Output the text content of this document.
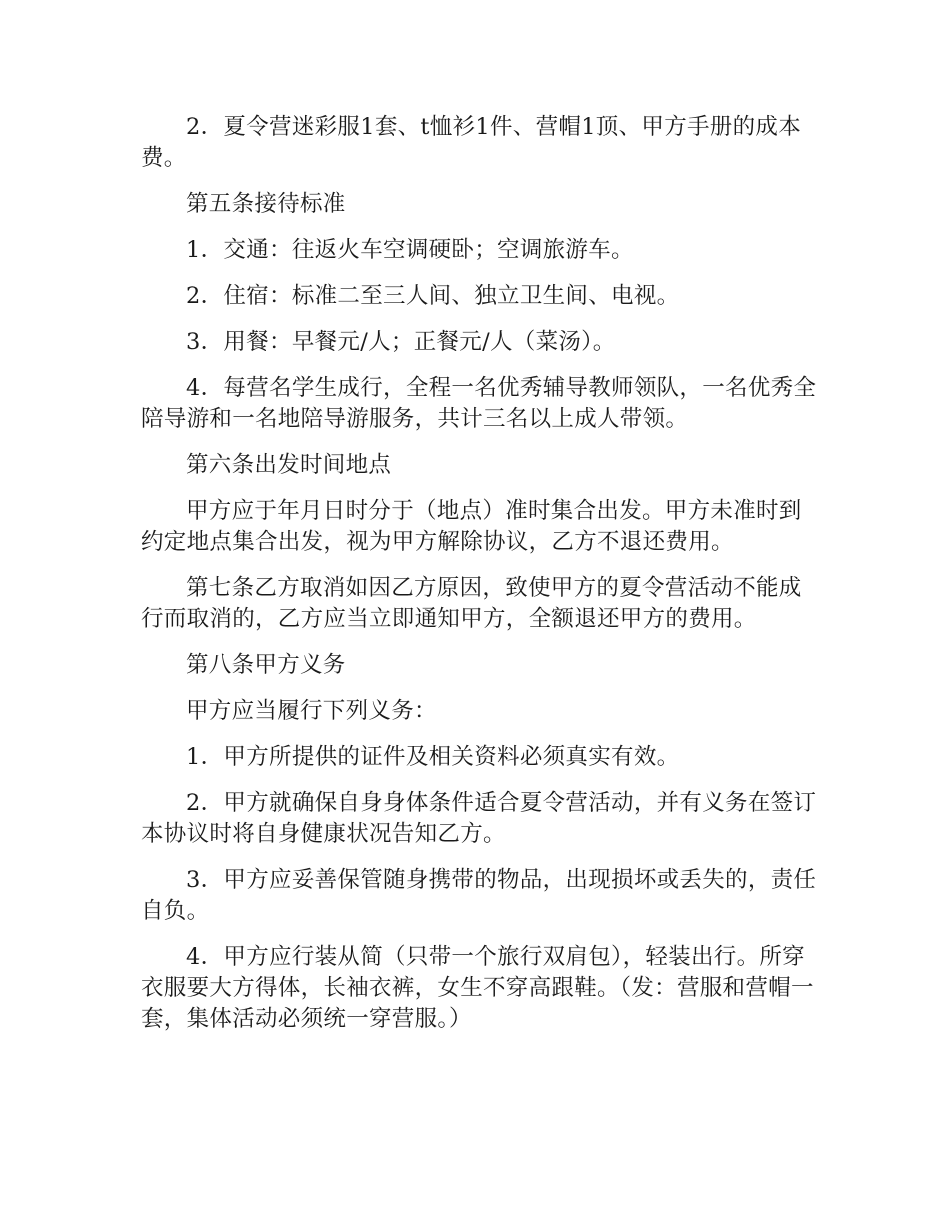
2．夏令营迷彩服1套、t恤衫1件、营帽1顶、甲方手册的成本费。

第五条接待标准

1．交通：往返火车空调硬卧；空调旅游车。

2．住宿：标准二至三人间、独立卫生间、电视。

3．用餐：早餐元/人；正餐元/人（菜汤）。

4．每营名学生成行，全程一名优秀辅导教师领队，一名优秀全陪导游和一名地陪导游服务，共计三名以上成人带领。

第六条出发时间地点

甲方应于年月日时分于（地点）准时集合出发。甲方未准时到约定地点集合出发，视为甲方解除协议，乙方不退还费用。

第七条乙方取消如因乙方原因，致使甲方的夏令营活动不能成行而取消的，乙方应当立即通知甲方，全额退还甲方的费用。

第八条甲方义务

甲方应当履行下列义务：

1．甲方所提供的证件及相关资料必须真实有效。

2．甲方就确保自身身体条件适合夏令营活动，并有义务在签订本协议时将自身健康状况告知乙方。

3．甲方应妥善保管随身携带的物品，出现损坏或丢失的，责任自负。

4．甲方应行装从简（只带一个旅行双肩包），轻装出行。所穿衣服要大方得体，长袖衣裤，女生不穿高跟鞋。（发：营服和营帽一套，集体活动必须统一穿营服。）
